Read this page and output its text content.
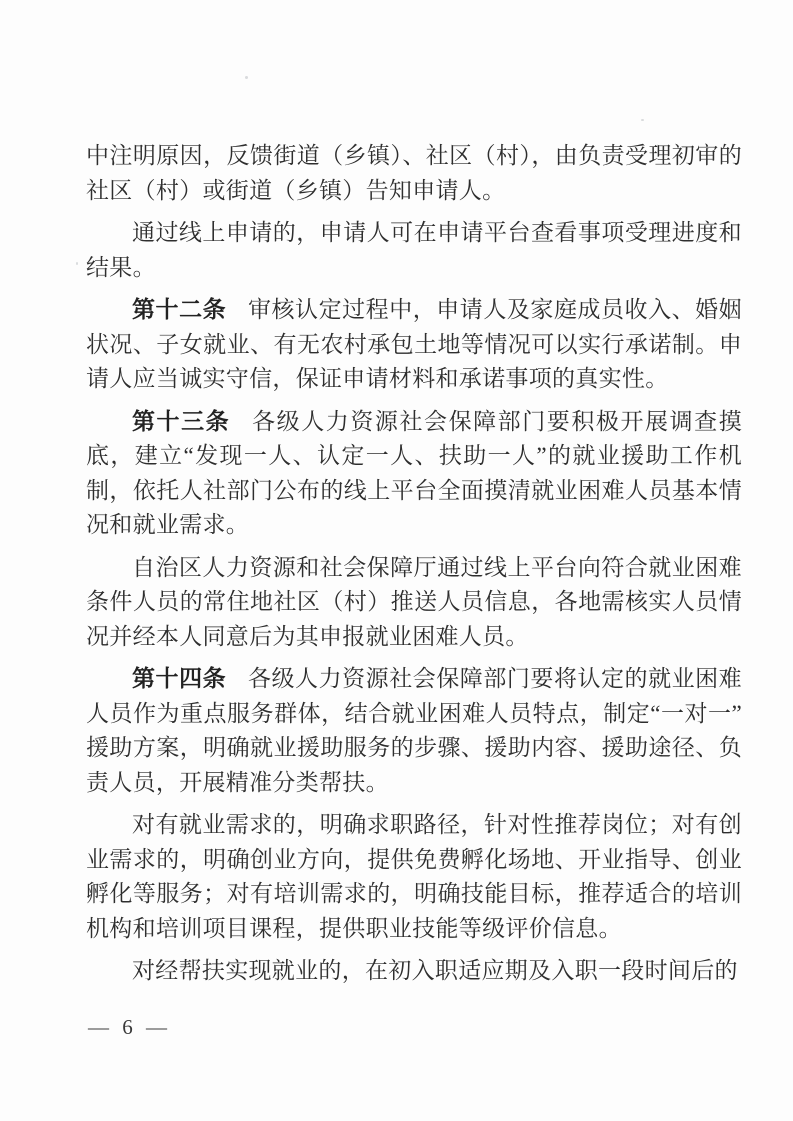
中注明原因，反馈街道（乡镇）、社区（村），由负责受理初审的社区（村）或街道（乡镇）告知申请人。

通过线上申请的，申请人可在申请平台查看事项受理进度和结果。

第十二条 审核认定过程中，申请人及家庭成员收入、婚姻状况、子女就业、有无农村承包土地等情况可以实行承诺制。申请人应当诚实守信，保证申请材料和承诺事项的真实性。

第十三条 各级人力资源社会保障部门要积极开展调查摸底，建立“发现一人、认定一人、扶助一人”的就业援助工作机制，依托人社部门公布的线上平台全面摸清就业困难人员基本情况和就业需求。

自治区人力资源和社会保障厅通过线上平台向符合就业困难条件人员的常住地社区（村）推送人员信息，各地需核实人员情况并经本人同意后为其申报就业困难人员。

第十四条 各级人力资源社会保障部门要将认定的就业困难人员作为重点服务群体，结合就业困难人员特点，制定“一对一”援助方案，明确就业援助服务的步骤、援助内容、援助途径、负责人员，开展精准分类帮扶。

对有就业需求的，明确求职路径，针对性推荐岗位；对有创业需求的，明确创业方向，提供免费孵化场地、开业指导、创业孵化等服务；对有培训需求的，明确技能目标，推荐适合的培训机构和培训项目课程，提供职业技能等级评价信息。

对经帮扶实现就业的，在初入职适应期及入职一段时间后的

— 6 —
